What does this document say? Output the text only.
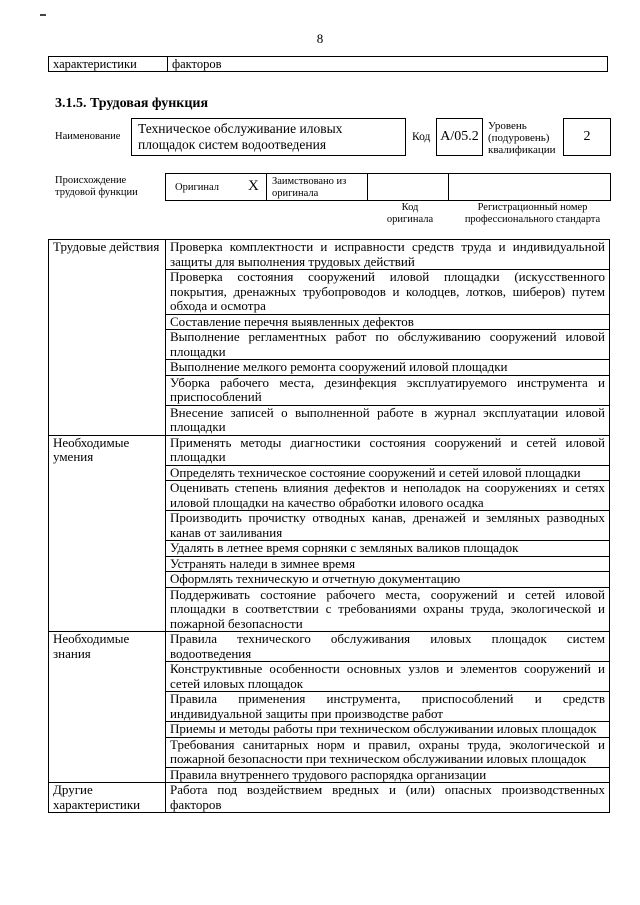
8
характеристики	факторов
3.1.5. Трудовая функция
Наименование
Техническое обслуживание иловых площадок систем водоотведения	Код A/05.2
Уровень (подуровень) квалификации
2
Происхождение трудовой функции	Оригинал X Заимствовано из оригинала
Код оригинала
Регистрационный номер профессионального стандарта
Трудовые действия	Проверка комплектности и исправности средств труда и индивидуальной защиты для выполнения трудовых действий
	Проверка состояния сооружений иловой площадки (искусственного покрытия, дренажных трубопроводов и колодцев, лотков, шиберов) путем обхода и осмотра
	Составление перечня выявленных дефектов
	Выполнение регламентных работ по обслуживанию сооружений иловой площадки
	Выполнение мелкого ремонта сооружений иловой площадки
	Уборка рабочего места, дезинфекция эксплуатируемого инструмента и приспособлений
	Внесение записей о выполненной работе в журнал эксплуатации иловой площадки
Необходимые умения	Применять методы диагностики состояния сооружений и сетей иловой площадки
	Определять техническое состояние сооружений и сетей иловой площадки
	Оценивать степень влияния дефектов и неполадок на сооружениях и сетях иловой площадки на качество обработки илового осадка
	Производить прочистку отводных канав, дренажей и земляных разводных канав от заиливания
	Удалять в летнее время сорняки с земляных валиков площадок
	Устранять наледи в зимнее время
	Оформлять техническую и отчетную документацию
	Поддерживать состояние рабочего места, сооружений и сетей иловой площадки в соответствии с требованиями охраны труда, экологической и пожарной безопасности
Необходимые знания	Правила технического обслуживания иловых площадок систем водоотведения
	Конструктивные особенности основных узлов и элементов сооружений и сетей иловых площадок
	Правила применения инструмента, приспособлений и средств индивидуальной защиты при производстве работ
	Приемы и методы работы при техническом обслуживании иловых площадок
	Требования санитарных норм и правил, охраны труда, экологической и пожарной безопасности при техническом обслуживании иловых площадок
	Правила внутреннего трудового распорядка организации
Другие характеристики	Работа под воздействием вредных и (или) опасных производственных факторов
